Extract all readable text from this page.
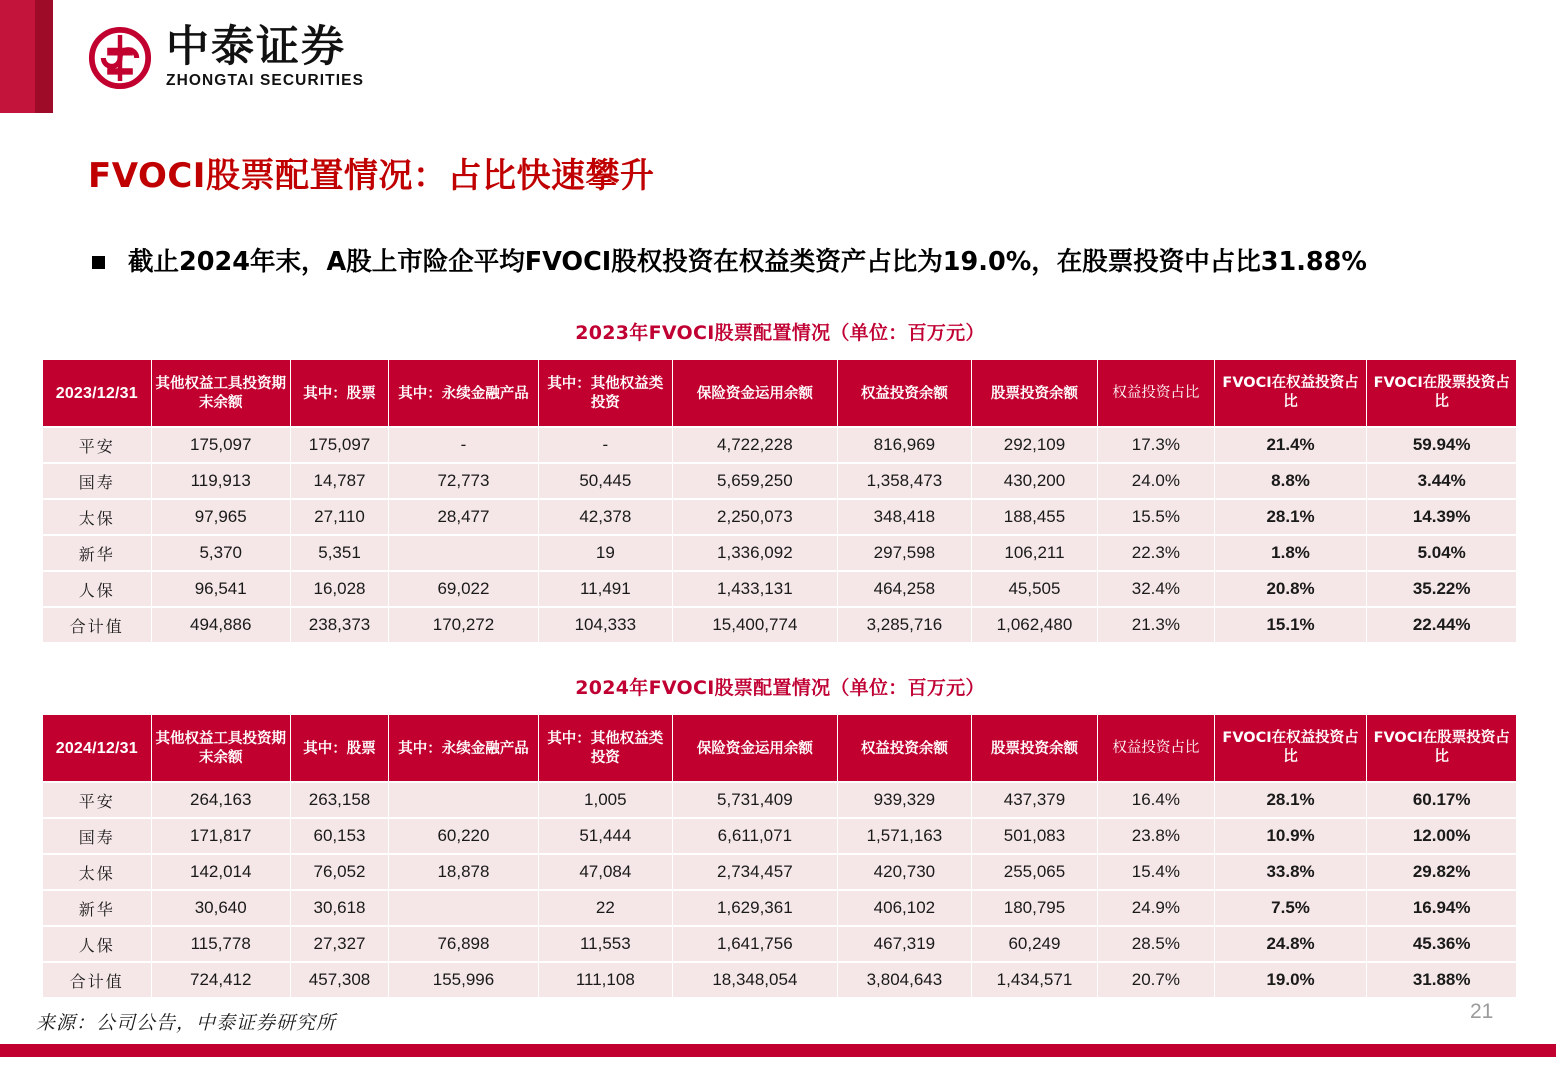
中泰证券
ZHONGTAI SECURITIES
FVOCI股票配置情况：占比快速攀升
截止2024年末，A股上市险企平均FVOCI股权投资在权益类资产占比为19.0%，在股票投资中占比31.88%
2023年FVOCI股票配置情况（单位：百万元）
2023/12/31	其他权益工具投资期末余额	其中：股票	其中：永续金融产品	其中：其他权益类投资	保险资金运用余额	权益投资余额	股票投资余额	权益投资占比	FVOCI在权益投资占比	FVOCI在股票投资占比
平安	175,097	175,097	-	-	4,722,228	816,969	292,109	17.3%	21.4%	59.94%
国寿	119,913	14,787	72,773	50,445	5,659,250	1,358,473	430,200	24.0%	8.8%	3.44%
太保	97,965	27,110	28,477	42,378	2,250,073	348,418	188,455	15.5%	28.1%	14.39%
新华	5,370	5,351		19	1,336,092	297,598	106,211	22.3%	1.8%	5.04%
人保	96,541	16,028	69,022	11,491	1,433,131	464,258	45,505	32.4%	20.8%	35.22%
合计值	494,886	238,373	170,272	104,333	15,400,774	3,285,716	1,062,480	21.3%	15.1%	22.44%
2024年FVOCI股票配置情况（单位：百万元）
2024/12/31	其他权益工具投资期末余额	其中：股票	其中：永续金融产品	其中：其他权益类投资	保险资金运用余额	权益投资余额	股票投资余额	权益投资占比	FVOCI在权益投资占比	FVOCI在股票投资占比
平安	264,163	263,158		1,005	5,731,409	939,329	437,379	16.4%	28.1%	60.17%
国寿	171,817	60,153	60,220	51,444	6,611,071	1,571,163	501,083	23.8%	10.9%	12.00%
太保	142,014	76,052	18,878	47,084	2,734,457	420,730	255,065	15.4%	33.8%	29.82%
新华	30,640	30,618		22	1,629,361	406,102	180,795	24.9%	7.5%	16.94%
人保	115,778	27,327	76,898	11,553	1,641,756	467,319	60,249	28.5%	24.8%	45.36%
合计值	724,412	457,308	155,996	111,108	18,348,054	3,804,643	1,434,571	20.7%	19.0%	31.88%
来源：公司公告，中泰证券研究所	21
